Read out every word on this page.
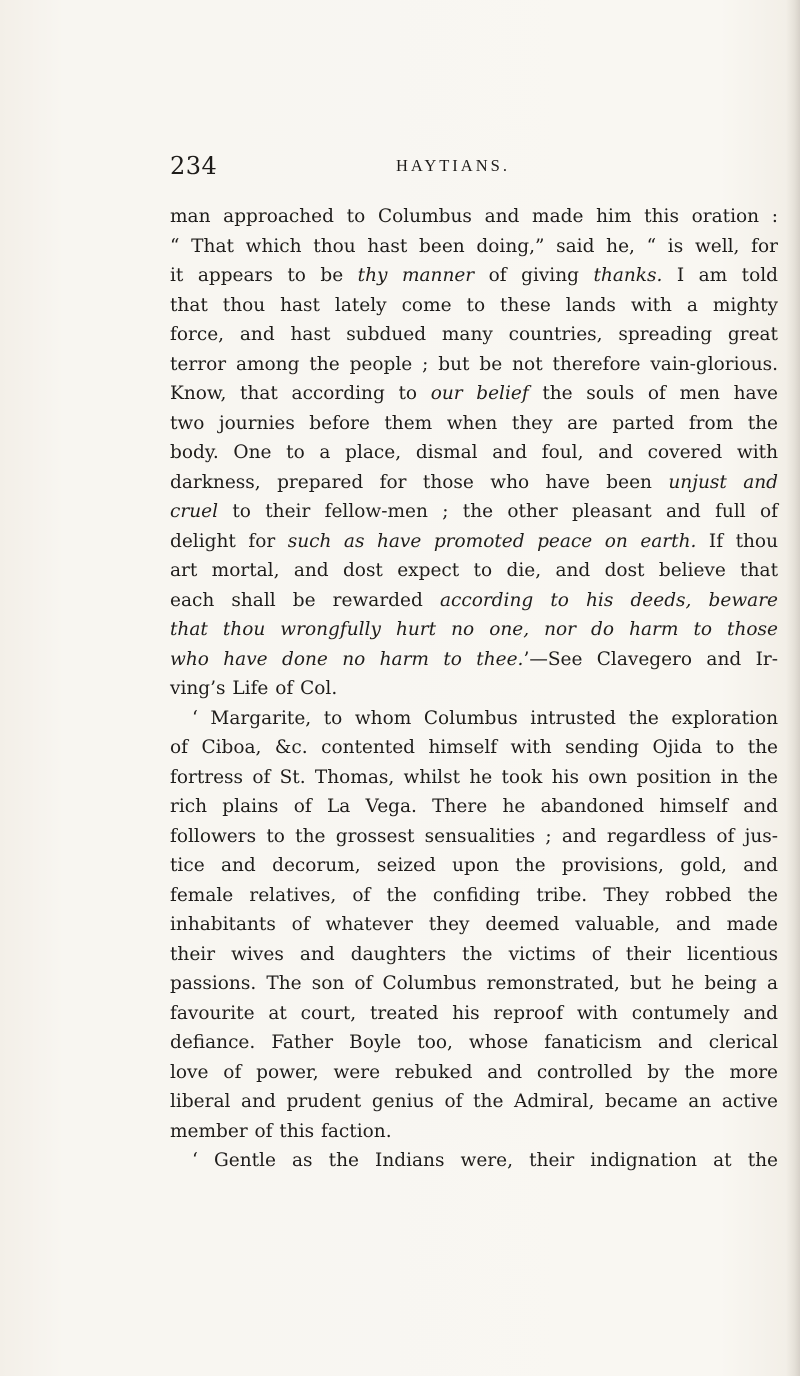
234	HAYTIANS.
man approached to Columbus and made him this oration :
“ That which thou hast been doing,” said he, “ is well, for
it appears to be thy manner of giving thanks. I am told
that thou hast lately come to these lands with a mighty
force, and hast subdued many countries, spreading great
terror among the people ; but be not therefore vain-glorious.
Know, that according to our belief the souls of men have
two journies before them when they are parted from the
body. One to a place, dismal and foul, and covered with
darkness, prepared for those who have been unjust and
cruel to their fellow-men ; the other pleasant and full of
delight for such as have promoted peace on earth. If thou
art mortal, and dost expect to die, and dost believe that
each shall be rewarded according to his deeds, beware
that thou wrongfully hurt no one, nor do harm to those
who have done no harm to thee.’—See Clavegero and Ir-
ving’s Life of Col.
‘ Margarite, to whom Columbus intrusted the exploration
of Ciboa, &c. contented himself with sending Ojida to the
fortress of St. Thomas, whilst he took his own position in the
rich plains of La Vega. There he abandoned himself and
followers to the grossest sensualities ; and regardless of jus-
tice and decorum, seized upon the provisions, gold, and
female relatives, of the confiding tribe. They robbed the
inhabitants of whatever they deemed valuable, and made
their wives and daughters the victims of their licentious
passions. The son of Columbus remonstrated, but he being a
favourite at court, treated his reproof with contumely and
defiance. Father Boyle too, whose fanaticism and clerical
love of power, were rebuked and controlled by the more
liberal and prudent genius of the Admiral, became an active
member of this faction.
‘ Gentle as the Indians were, their indignation at the
